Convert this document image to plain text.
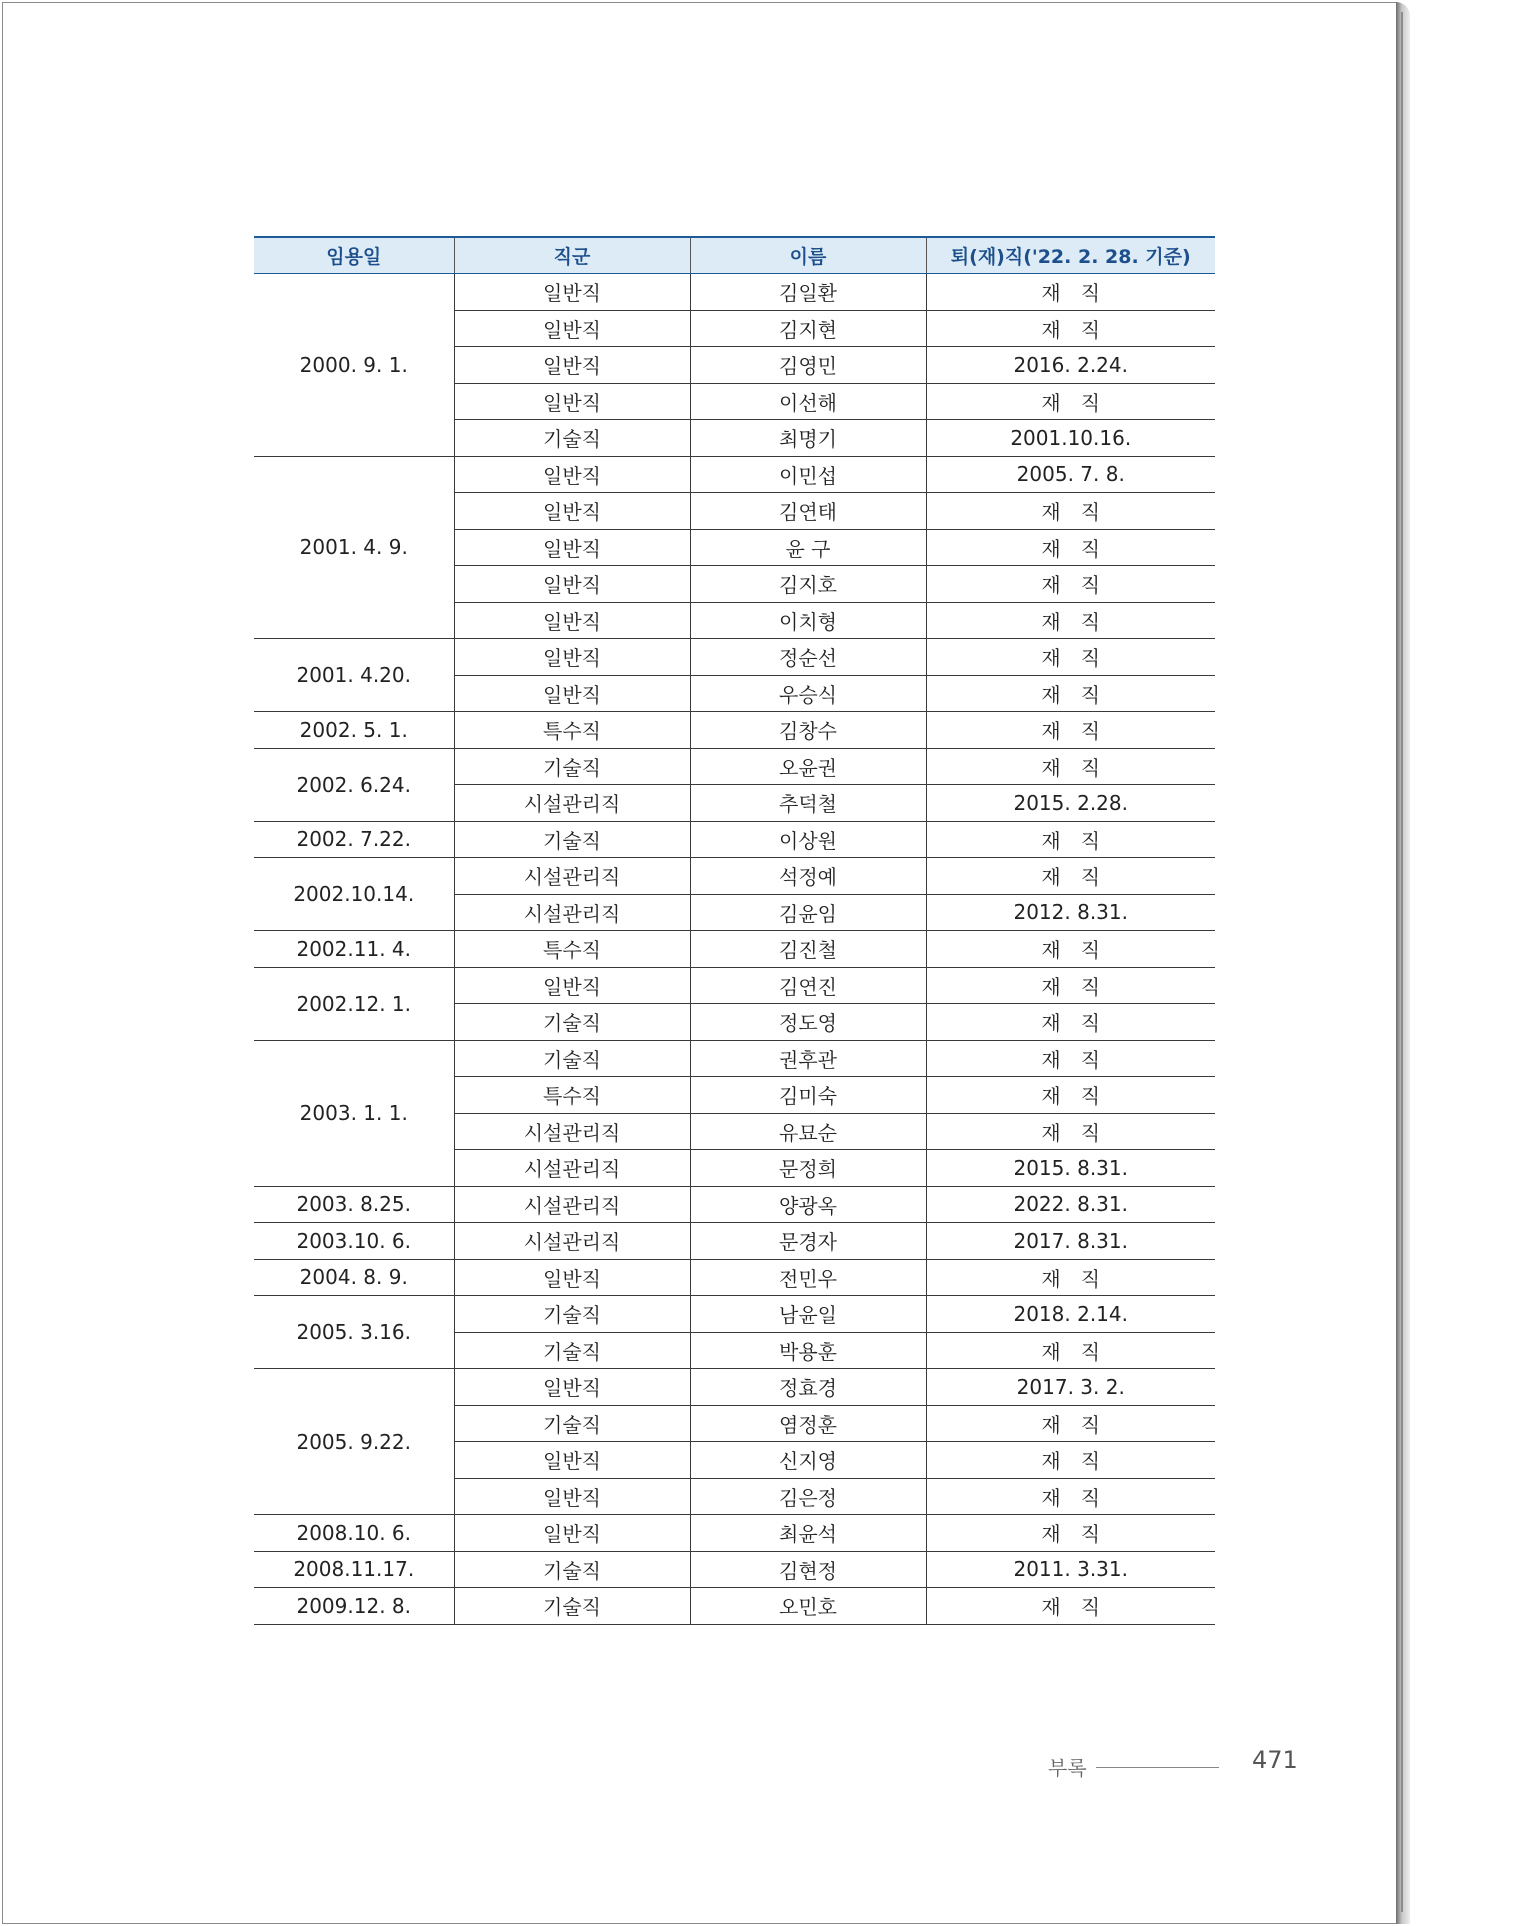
임용일	직군	이름	퇴(재)직('22. 2. 28. 기준)
2000. 9. 1.	일반직	김일환	재　직
	일반직	김지현	재　직
	일반직	김영민	2016. 2.24.
	일반직	이선해	재　직
	기술직	최명기	2001.10.16.
2001. 4. 9.	일반직	이민섭	2005. 7. 8.
	일반직	김연태	재　직
	일반직	윤 구	재　직
	일반직	김지호	재　직
	일반직	이치형	재　직
2001. 4.20.	일반직	정순선	재　직
	일반직	우승식	재　직
2002. 5. 1.	특수직	김창수	재　직
2002. 6.24.	기술직	오윤권	재　직
	시설관리직	추덕철	2015. 2.28.
2002. 7.22.	기술직	이상원	재　직
2002.10.14.	시설관리직	석정예	재　직
	시설관리직	김윤임	2012. 8.31.
2002.11. 4.	특수직	김진철	재　직
2002.12. 1.	일반직	김연진	재　직
	기술직	정도영	재　직
2003. 1. 1.	기술직	권후관	재　직
	특수직	김미숙	재　직
	시설관리직	유묘순	재　직
	시설관리직	문정희	2015. 8.31.
2003. 8.25.	시설관리직	양광옥	2022. 8.31.
2003.10. 6.	시설관리직	문경자	2017. 8.31.
2004. 8. 9.	일반직	전민우	재　직
2005. 3.16.	기술직	남윤일	2018. 2.14.
	기술직	박용훈	재　직
2005. 9.22.	일반직	정효경	2017. 3. 2.
	기술직	염정훈	재　직
	일반직	신지영	재　직
	일반직	김은정	재　직
2008.10. 6.	일반직	최윤석	재　직
2008.11.17.	기술직	김현정	2011. 3.31.
2009.12. 8.	기술직	오민호	재　직
부록	471
